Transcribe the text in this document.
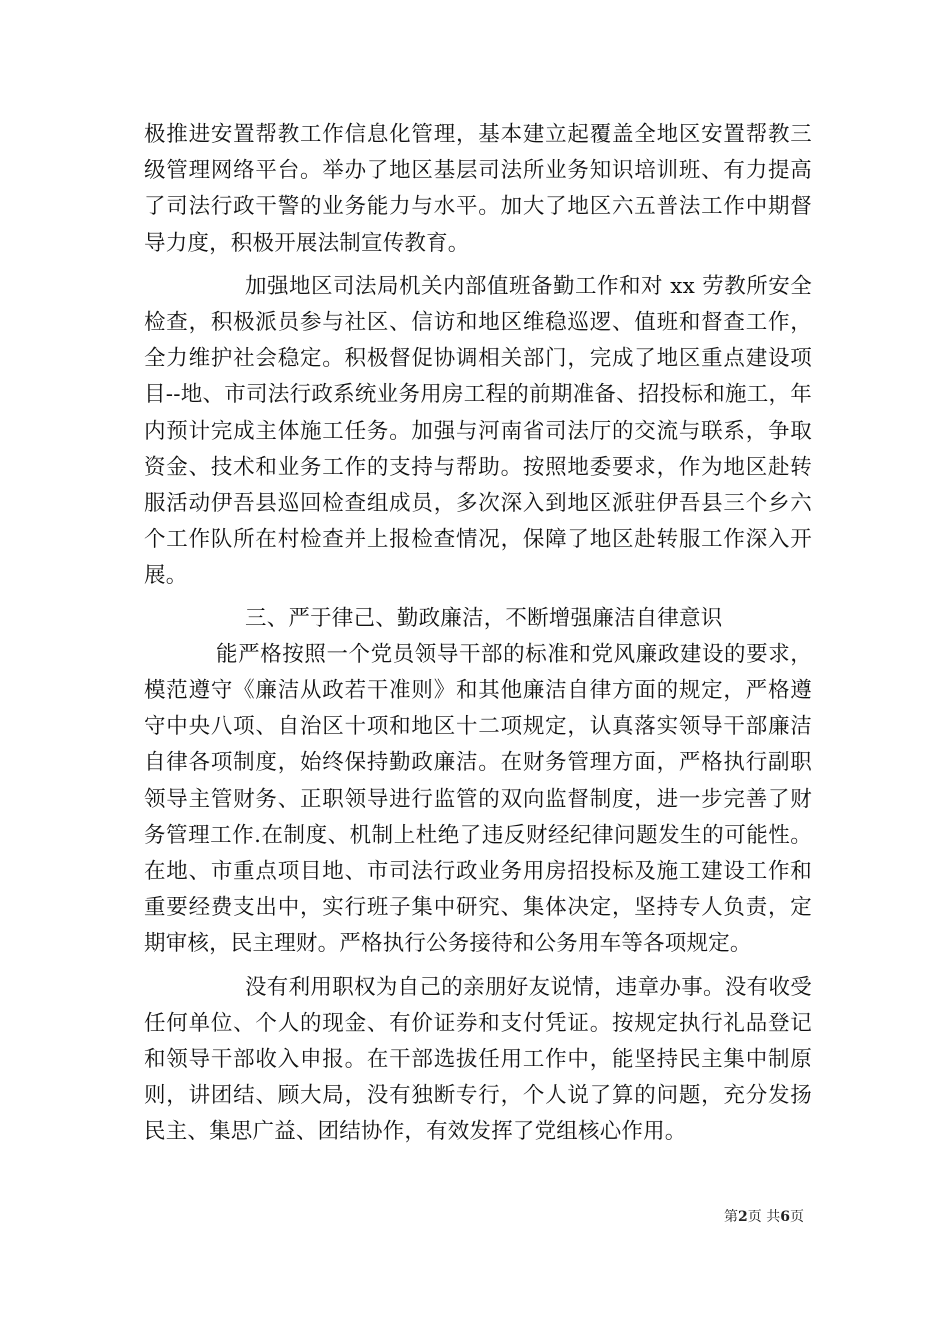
极推进安置帮教工作信息化管理，基本建立起覆盖全地区安置帮教三级管理网络平台。举办了地区基层司法所业务知识培训班、有力提高了司法行政干警的业务能力与水平。加大了地区六五普法工作中期督导力度，积极开展法制宣传教育。

加强地区司法局机关内部值班备勤工作和对 xx 劳教所安全检查，积极派员参与社区、信访和地区维稳巡逻、值班和督查工作，全力维护社会稳定。积极督促协调相关部门，完成了地区重点建设项目--地、市司法行政系统业务用房工程的前期准备、招投标和施工，年内预计完成主体施工任务。加强与河南省司法厅的交流与联系，争取资金、技术和业务工作的支持与帮助。按照地委要求，作为地区赴转服活动伊吾县巡回检查组成员，多次深入到地区派驻伊吾县三个乡六个工作队所在村检查并上报检查情况，保障了地区赴转服工作深入开展。

三、严于律己、勤政廉洁，不断增强廉洁自律意识

能严格按照一个党员领导干部的标准和党风廉政建设的要求，模范遵守《廉洁从政若干准则》和其他廉洁自律方面的规定，严格遵守中央八项、自治区十项和地区十二项规定，认真落实领导干部廉洁自律各项制度，始终保持勤政廉洁。在财务管理方面，严格执行副职领导主管财务、正职领导进行监管的双向监督制度，进一步完善了财务管理工作.在制度、机制上杜绝了违反财经纪律问题发生的可能性。在地、市重点项目地、市司法行政业务用房招投标及施工建设工作和重要经费支出中，实行班子集中研究、集体决定，坚持专人负责，定期审核，民主理财。严格执行公务接待和公务用车等各项规定。

没有利用职权为自己的亲朋好友说情，违章办事。没有收受任何单位、个人的现金、有价证券和支付凭证。按规定执行礼品登记和领导干部收入申报。在干部选拔任用工作中，能坚持民主集中制原则，讲团结、顾大局，没有独断专行，个人说了算的问题，充分发扬民主、集思广益、团结协作，有效发挥了党组核心作用。

第2页 共6页
